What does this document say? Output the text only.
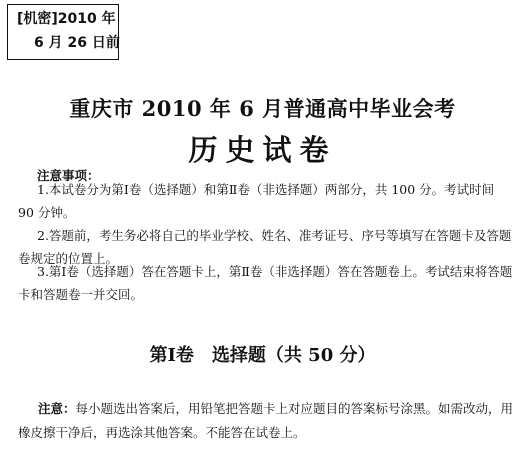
[机密]2010 年
6 月 26 日前
重庆市 2010 年 6 月普通高中毕业会考
历史试卷
注意事项：
1.本试卷分为第Ⅰ卷（选择题）和第Ⅱ卷（非选择题）两部分，共 100 分。考试时间 90 分钟。
2.答题前，考生务必将自己的毕业学校、姓名、准考证号、序号等填写在答题卡及答题卷规定的位置上。
3.第Ⅰ卷（选择题）答在答题卡上，第Ⅱ卷（非选择题）答在答题卷上。考试结束将答题卡和答题卷一并交回。
第Ⅰ卷　选择题（共 50 分）
注意：每小题选出答案后，用铅笔把答题卡上对应题目的答案标号涂黑。如需改动，用橡皮擦干净后，再选涂其他答案。不能答在试卷上。
